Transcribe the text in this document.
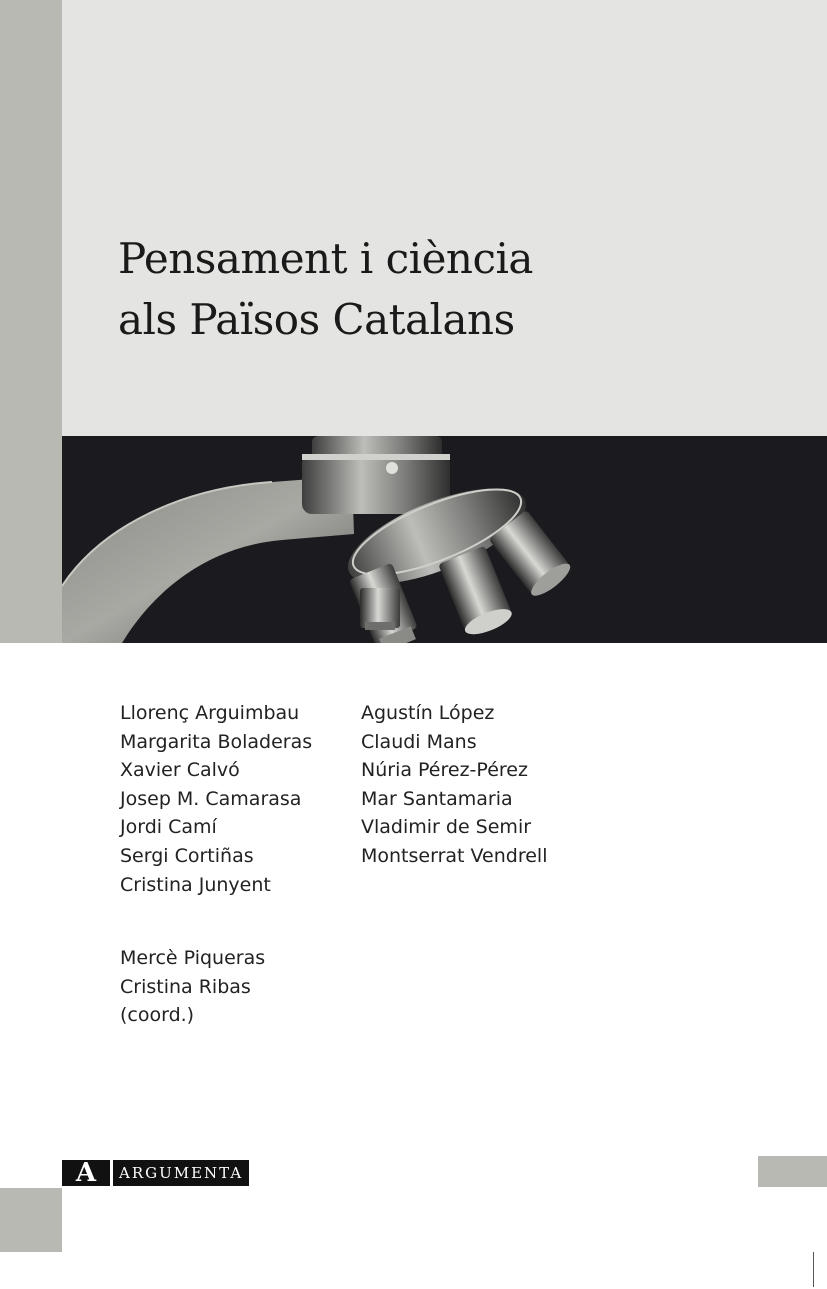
Pensament i ciència
als Països Catalans
Llorenç Arguimbau
Margarita Boladeras
Xavier Calvó
Josep M. Camarasa
Jordi Camí
Sergi Cortiñas
Cristina Junyent
Agustín López
Claudi Mans
Núria Pérez-Pérez
Mar Santamaria
Vladimir de Semir
Montserrat Vendrell
Mercè Piqueras
Cristina Ribas
(coord.)
A	ARGUMENTA
